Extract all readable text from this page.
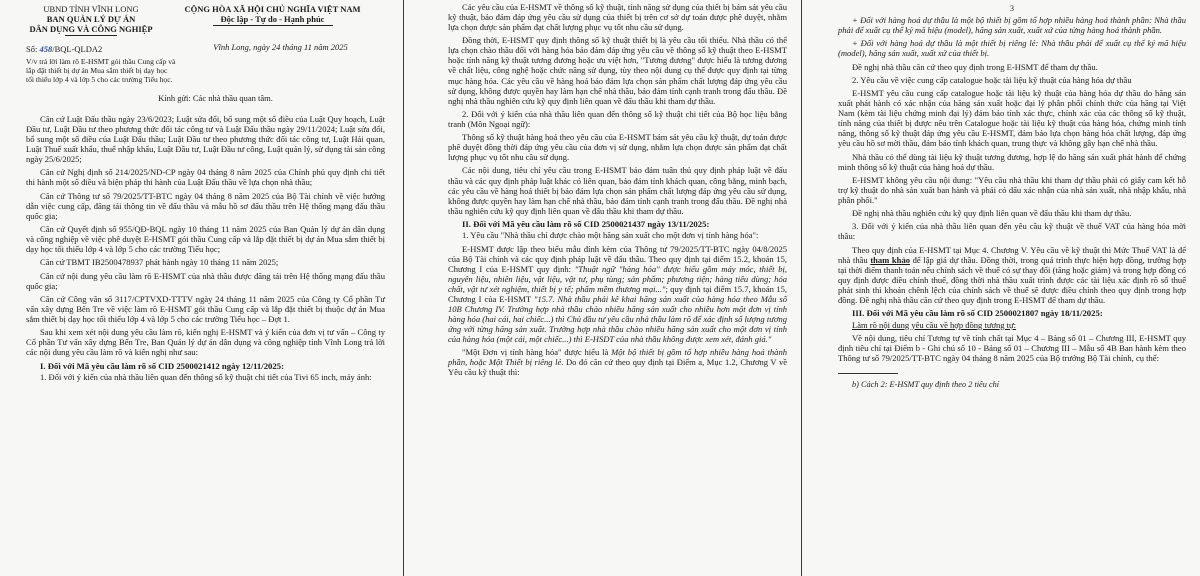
UBND TỈNH VĨNH LONG
BAN QUẢN LÝ DỰ ÁN
DÂN DỤNG VÀ CÔNG NGHIỆP
CỘNG HÒA XÃ HỘI CHỦ NGHĨA VIỆT NAM
Độc lập - Tự do - Hạnh phúc
Số: 458/BQL-QLDA2
V/v trả lời làm rõ E-HSMT gói thầu Cung cấp và lắp đặt thiết bị dự án Mua sắm thiết bị dạy học tối thiểu lớp 4 và lớp 5 cho các trường Tiểu học.
Vĩnh Long, ngày 24 tháng 11 năm 2025
Kính gửi: Các nhà thầu quan tâm.

Căn cứ Luật Đấu thầu ngày 23/6/2023; Luật sửa đổi, bổ sung một số điều của Luật Quy hoạch, Luật Đầu tư, Luật Đầu tư theo phương thức đối tác công tư và Luật Đấu thầu ngày 29/11/2024; Luật sửa đổi, bổ sung một số điều của Luật Đấu thầu; Luật Đầu tư theo phương thức đối tác công tư, Luật Hải quan, Luật Thuế xuất khẩu, thuế nhập khẩu, Luật Đầu tư, Luật Đầu tư công, Luật quản lý, sử dụng tài sản công ngày 25/6/2025;

Căn cứ Nghị định số 214/2025/ND-CP ngày 04 tháng 8 năm 2025 của Chính phủ quy định chi tiết thi hành một số điều và biện pháp thi hành của Luật Đấu thầu về lựa chọn nhà thầu;

Căn cứ Thông tư số 79/2025/TT-BTC ngày 04 tháng 8 năm 2025 của Bộ Tài chính về việc hướng dẫn việc cung cấp, đăng tải thông tin về đấu thầu và mẫu hồ sơ đấu thầu trên Hệ thống mạng đấu thầu quốc gia;

Căn cứ Quyết định số 955/QĐ-BQL ngày 10 tháng 11 năm 2025 của Ban Quản lý dự án dân dụng và công nghiệp về việc phê duyệt E-HSMT gói thầu Cung cấp và lắp đặt thiết bị dự án Mua sắm thiết bị dạy học tối thiểu lớp 4 và lớp 5 cho các trường Tiểu học;

Căn cứ TBMT IB2500478937 phát hành ngày 10 tháng 11 năm 2025;

Căn cứ nội dung yêu cầu làm rõ E-HSMT của nhà thầu được đăng tải trên Hệ thống mạng đấu thầu quốc gia;

Căn cứ Công văn số 3117/CPTVXD-TTTV ngày 24 tháng 11 năm 2025 của Công ty Cổ phần Tư vấn xây dựng Bến Tre về việc làm rõ E-HSMT gói thầu Cung cấp và lắp đặt thiết bị thuộc dự án Mua sắm thiết bị dạy học tối thiểu lớp 4 và lớp 5 cho các trường Tiểu học – Đợt 1.

Sau khi xem xét nội dung yêu cầu làm rõ, kiến nghị E-HSMT và ý kiến của đơn vị tư vấn – Công ty Cổ phần Tư vấn xây dựng Bến Tre, Ban Quản lý dự án dân dụng và công nghiệp tỉnh Vĩnh Long trả lời các nội dung yêu cầu làm rõ và kiến nghị như sau:

I. Đối với Mã yêu cầu làm rõ số CID 2500021412 ngày 12/11/2025:

1. Đối với ý kiến của nhà thầu liên quan đến thông số kỹ thuật chi tiết của Tivi 65 inch, máy ảnh:

Các yêu cầu của E-HSMT về thông số kỹ thuật, tính năng sử dụng của thiết bị bám sát yêu cầu kỹ thuật, bảo đảm đáp ứng yêu cầu sử dụng của thiết bị trên cơ sở dự toán được phê duyệt, nhằm lựa chọn được sản phẩm đạt chất lượng phục vụ tốt nhu cầu sử dụng.

Đồng thời, E-HSMT quy định thông số kỹ thuật thiết bị là yêu cầu tối thiểu. Nhà thầu có thể lựa chọn chào thầu đối với hàng hóa bảo đảm đáp ứng yêu cầu về thông số kỹ thuật theo E-HSMT hoặc tính năng kỹ thuật tương đương hoặc ưu việt hơn, "Tương đương" được hiểu là tương đương về chất liệu, công nghệ hoặc chức năng sử dụng, tùy theo nội dung cụ thể được quy định tại từng mục hàng hóa. Các yêu cầu về hàng hoá bảo đảm lựa chọn sản phẩm chất lượng đáp ứng yêu cầu sử dụng, không được quyền hay làm hạn chế nhà thầu, bảo đảm tính cạnh tranh trong đấu thầu. Đề nghị nhà thầu nghiên cứu kỹ quy định liên quan về đấu thầu khi tham dự thầu.

2. Đối với ý kiến của nhà thầu liên quan đến thông số kỹ thuật chi tiết của Bộ học liệu bằng tranh (Môn Ngoại ngữ):

Thông số kỹ thuật hàng hoá theo yêu cầu của E-HSMT bám sát yêu cầu kỹ thuật, dự toán được phê duyệt đồng thời đáp ứng yêu cầu của đơn vị sử dụng, nhằm lựa chọn được sản phẩm đạt chất lượng phục vụ tốt nhu cầu sử dụng.

Các nội dung, tiêu chí yêu cầu trong E-HSMT bảo đảm tuân thủ quy định pháp luật về đấu thầu và các quy định pháp luật khác có liên quan, bảo đảm tính khách quan, công bằng, minh bạch, các yêu cầu về hàng hoá thiết bị bảo đảm lựa chọn sản phẩm chất lượng đáp ứng yêu cầu sử dụng, không được quyền hay làm hạn chế nhà thầu, bảo đảm tính cạnh tranh trong đấu thầu. Đề nghị nhà thầu nghiên cứu kỹ quy định liên quan về đấu thầu khi tham dự thầu.

II. Đối với Mã yêu cầu làm rõ số CID 2500021437 ngày 13/11/2025:

1. Yêu cầu "Nhà thầu chỉ được chào một hãng sản xuất cho một đơn vị tính hàng hóa":

E-HSMT được lập theo biểu mẫu đính kèm của Thông tư 79/2025/TT-BTC ngày 04/8/2025 của Bộ Tài chính và các quy định pháp luật về đấu thầu. Theo quy định tại điểm 15.2, khoản 15, Chương I của E-HSMT quy định: "Thuật ngữ "hàng hóa" được hiểu gồm máy móc, thiết bị, nguyên liệu, nhiên liệu, vật liệu, vật tư, phụ tùng; sản phẩm; phương tiện; hàng tiêu dùng; hóa chất, vật tư xét nghiệm, thiết bị y tế; phẩm mềm thương mại..."; quy định tại điểm 15.7, khoản 15, Chương I của E-HSMT "15.7. Nhà thầu phải kê khai hãng sản xuất của hàng hóa theo Mẫu số 10B Chương IV. Trường hợp nhà thầu chào nhiều hãng sản xuất cho nhiều hơn một đơn vị tính hàng hóa (hai cái, hai chiếc...) thì Chủ đầu tư yêu cầu nhà thầu làm rõ để xác định số lượng tương ứng với từng hãng sản xuất. Trường hợp nhà thầu chào nhiều hãng sản xuất cho một đơn vị tính của hàng hóa (một cái, một chiếc...) thì E-HSDT của nhà thầu không được xem xét, đánh giá."

"Một Đơn vị tính hàng hóa" được hiểu là Một bộ thiết bị gồm tổ hợp nhiều hàng hoá thành phần, hoặc Một Thiết bị riêng lẻ. Do đó căn cứ theo quy định tại Điểm a, Mục 1.2, Chương V về Yêu cầu kỹ thuật thì:

3

+ Đối với hàng hoá dự thầu là một bộ thiết bị gồm tổ hợp nhiều hàng hoá thành phần: Nhà thầu phải để xuất cụ thể ký mã hiệu (model), hãng sản xuất, xuất xứ của từng hàng hoá thành phần.

+ Đối với hàng hoá dự thầu là một thiết bị riêng lẻ: Nhà thầu phải để xuất cụ thể ký mã hiệu (model), hãng sản xuất, xuất xứ của thiết bị.

Đề nghị nhà thầu căn cứ theo quy định trong E-HSMT để tham dự thầu.

2. Yêu cầu về việc cung cấp catalogue hoặc tài liệu kỹ thuật của hàng hóa dự thầu

E-HSMT yêu cầu cung cấp catalogue hoặc tài liệu kỹ thuật của hàng hóa dự thầu do hãng sản xuất phát hành có xác nhận của hãng sản xuất hoặc đại lý phân phối chính thức của hãng tại Việt Nam (kèm tài liệu chứng minh đại lý) đảm bảo tính xác thực, chính xác của các thông số kỹ thuật, tính năng của thiết bị được nêu trên Catalogue hoặc tài liệu kỹ thuật của hàng hóa, chứng minh tính năng, thông số kỹ thuật đáp ứng yêu cầu E-HSMT, đảm bảo lựa chọn hàng hóa chất lượng, đáp ứng yêu cầu hồ sơ mời thầu, đảm bảo tính khách quan, trung thực và không gây hạn chế nhà thầu.

Nhà thầu có thể dùng tài liệu kỹ thuật tương đương, hợp lệ do hãng sản xuất phát hành để chứng minh thông số kỹ thuật của hàng hoá dự thầu.

E-HSMT không yêu cầu nội dung: "Yêu cầu nhà thầu khi tham dự thầu phải có giấy cam kết hỗ trợ kỹ thuật do nhà sản xuất ban hành và phải có dấu xác nhận của nhà sản xuất, nhà nhập khẩu, nhà phân phối."

Đề nghị nhà thầu nghiên cứu kỹ quy định liên quan về đấu thầu khi tham dự thầu.

3. Đối với ý kiến của nhà thầu liên quan đến yêu cầu kỹ thuật về thuế VAT của hàng hóa mời thầu:

Theo quy định của E-HSMT tại Mục 4. Chương V. Yêu cầu về kỹ thuật thì Mức Thuế VAT là để nhà thầu tham khảo để lập giá dự thầu. Đồng thời, trong quá trình thực hiện hợp đồng, trường hợp tại thời điểm thanh toán nếu chính sách về thuế có sự thay đổi (tăng hoặc giảm) và trong hợp đồng có quy định được điều chỉnh thuế, đồng thời nhà thầu xuất trình được các tài liệu xác định rõ số thuế phát sinh thì khoản chênh lệch của chính sách về thuế sẽ được điều chỉnh theo quy định trong hợp đồng. Đề nghị nhà thầu căn cứ theo quy định trong E-HSMT để tham dự thầu.

III. Đối với Mã yêu cầu làm rõ số CID 2500021807 ngày 18/11/2025:

Làm rõ nội dung yêu cầu về hợp đồng tương tự:

Về nội dung, tiêu chí Tương tự về tính chất tại Mục 4 – Bảng số 01 – Chương III, E-HSMT quy định tiêu chí tại Điểm b - Ghi chú số 10 - Bảng số 01 – Chương III – Mẫu số 4B Ban hành kèm theo Thông tư số 79/2025/TT-BTC ngày 04 tháng 8 năm 2025 của Bộ trưởng Bộ Tài chính, cụ thể:

b) Cách 2: E-HSMT quy định theo 2 tiêu chí
